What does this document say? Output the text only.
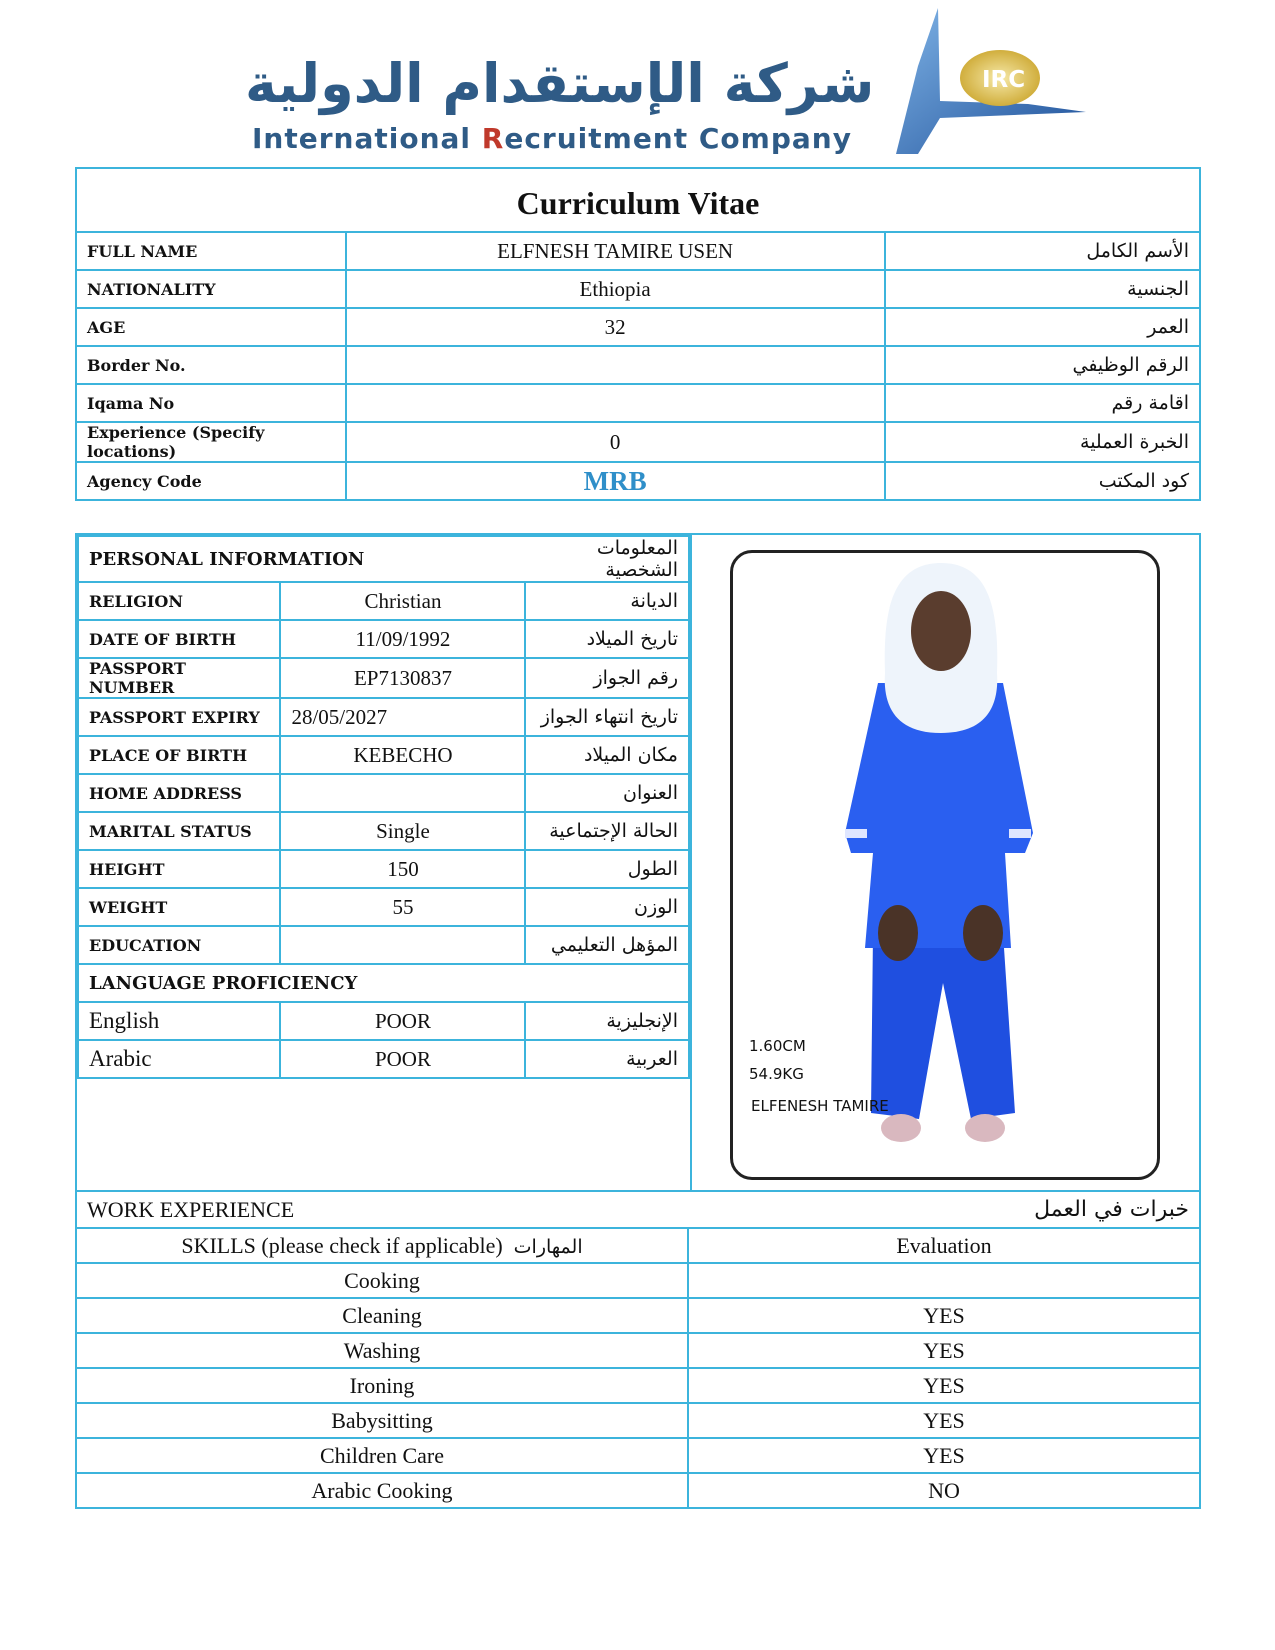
شركة الإستقدام الدولية
International Recruitment Company
IRC
Curriculum Vitae		
FULL NAME	ELFNESH TAMIRE USEN	الأسم الكامل
NATIONALITY	Ethiopia	الجنسية
AGE	32	العمر
Border No.		الرقم الوظيفي
Iqama No		اقامة رقم
Experience (Specify locations)	0	الخبرة العملية
Agency Code	MRB	كود المكتب
PERSONAL INFORMATION		المعلومات الشخصية
RELIGION	Christian	الديانة
DATE OF BIRTH	11/09/1992	تاريخ الميلاد
PASSPORT NUMBER	EP7130837	رقم الجواز
PASSPORT EXPIRY	28/05/2027	تاريخ انتهاء الجواز
PLACE OF BIRTH	KEBECHO	مكان الميلاد
HOME ADDRESS		العنوان
MARITAL STATUS	Single	الحالة الإجتماعية
HEIGHT	150	الطول
WEIGHT	55	الوزن
EDUCATION		المؤهل التعليمي
LANGUAGE PROFICIENCY		
English	POOR	الإنجليزية
Arabic	POOR	العربية
1.60CM
54.9KG
ELFENESH TAMIRE
WORK EXPERIENCE	خبرات في العمل
SKILLS (please check if applicable) المهارات	Evaluation
Cooking	
Cleaning	YES
Washing	YES
Ironing	YES
Babysitting	YES
Children Care	YES
Arabic Cooking	NO
